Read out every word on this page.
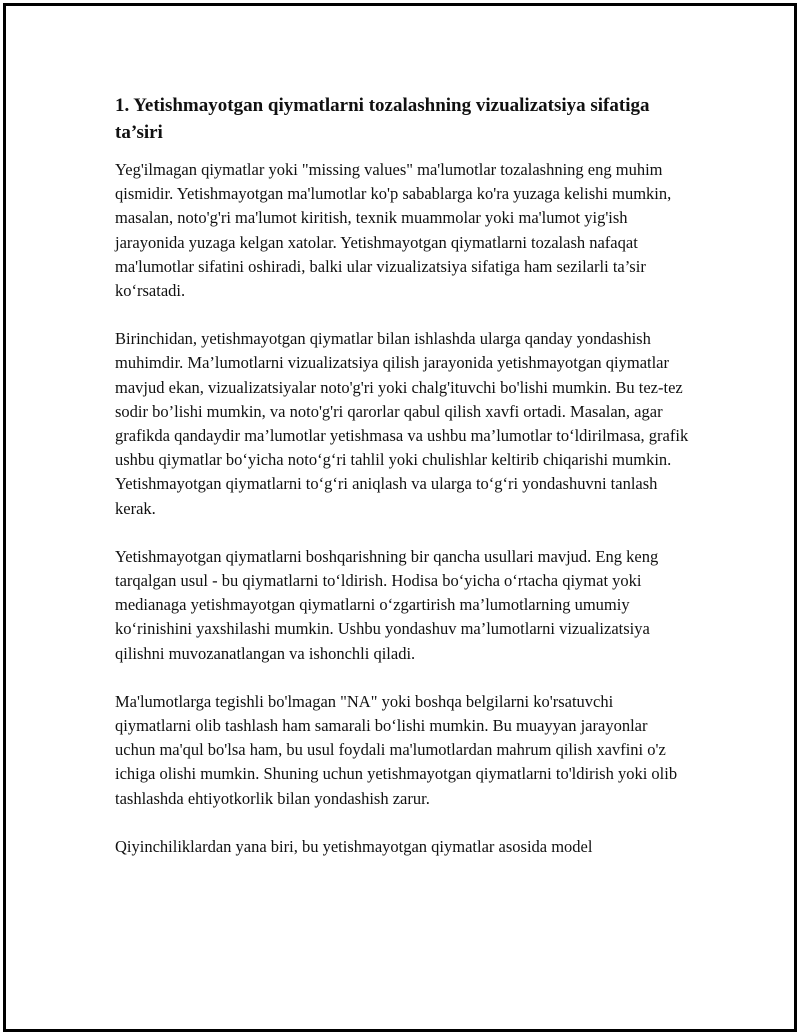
1. Yetishmayotgan qiymatlarni tozalashning vizualizatsiya sifatiga ta’siri

Yeg'ilmagan qiymatlar yoki "missing values" ma'lumotlar tozalashning eng muhim qismidir. Yetishmayotgan ma'lumotlar ko'p sabablarga ko'ra yuzaga kelishi mumkin, masalan, noto'g'ri ma'lumot kiritish, texnik muammolar yoki ma'lumot yig'ish jarayonida yuzaga kelgan xatolar. Yetishmayotgan qiymatlarni tozalash nafaqat ma'lumotlar sifatini oshiradi, balki ular vizualizatsiya sifatiga ham sezilarli ta’sir ko‘rsatadi.

Birinchidan, yetishmayotgan qiymatlar bilan ishlashda ularga qanday yondashish muhimdir. Ma’lumotlarni vizualizatsiya qilish jarayonida yetishmayotgan qiymatlar mavjud ekan, vizualizatsiyalar noto'g'ri yoki chalg'ituvchi bo'lishi mumkin. Bu tez-tez sodir bo’lishi mumkin, va noto'g'ri qarorlar qabul qilish xavfi ortadi. Masalan, agar grafikda qandaydir ma’lumotlar yetishmasa va ushbu ma’lumotlar to‘ldirilmasa, grafik ushbu qiymatlar bo‘yicha noto‘g‘ri tahlil yoki chulishlar keltirib chiqarishi mumkin. Yetishmayotgan qiymatlarni to‘g‘ri aniqlash va ularga to‘g‘ri yondashuvni tanlash kerak.

Yetishmayotgan qiymatlarni boshqarishning bir qancha usullari mavjud. Eng keng tarqalgan usul - bu qiymatlarni to‘ldirish. Hodisa bo‘yicha o‘rtacha qiymat yoki medianaga yetishmayotgan qiymatlarni o‘zgartirish ma’lumotlarning umumiy ko‘rinishini yaxshilashi mumkin. Ushbu yondashuv ma’lumotlarni vizualizatsiya qilishni muvozanatlangan va ishonchli qiladi.

Ma'lumotlarga tegishli bo'lmagan "NA" yoki boshqa belgilarni ko'rsatuvchi qiymatlarni olib tashlash ham samarali bo‘lishi mumkin. Bu muayyan jarayonlar uchun ma'qul bo'lsa ham, bu usul foydali ma'lumotlardan mahrum qilish xavfini o'z ichiga olishi mumkin. Shuning uchun yetishmayotgan qiymatlarni to'ldirish yoki olib tashlashda ehtiyotkorlik bilan yondashish zarur.

Qiyinchiliklardan yana biri, bu yetishmayotgan qiymatlar asosida model
